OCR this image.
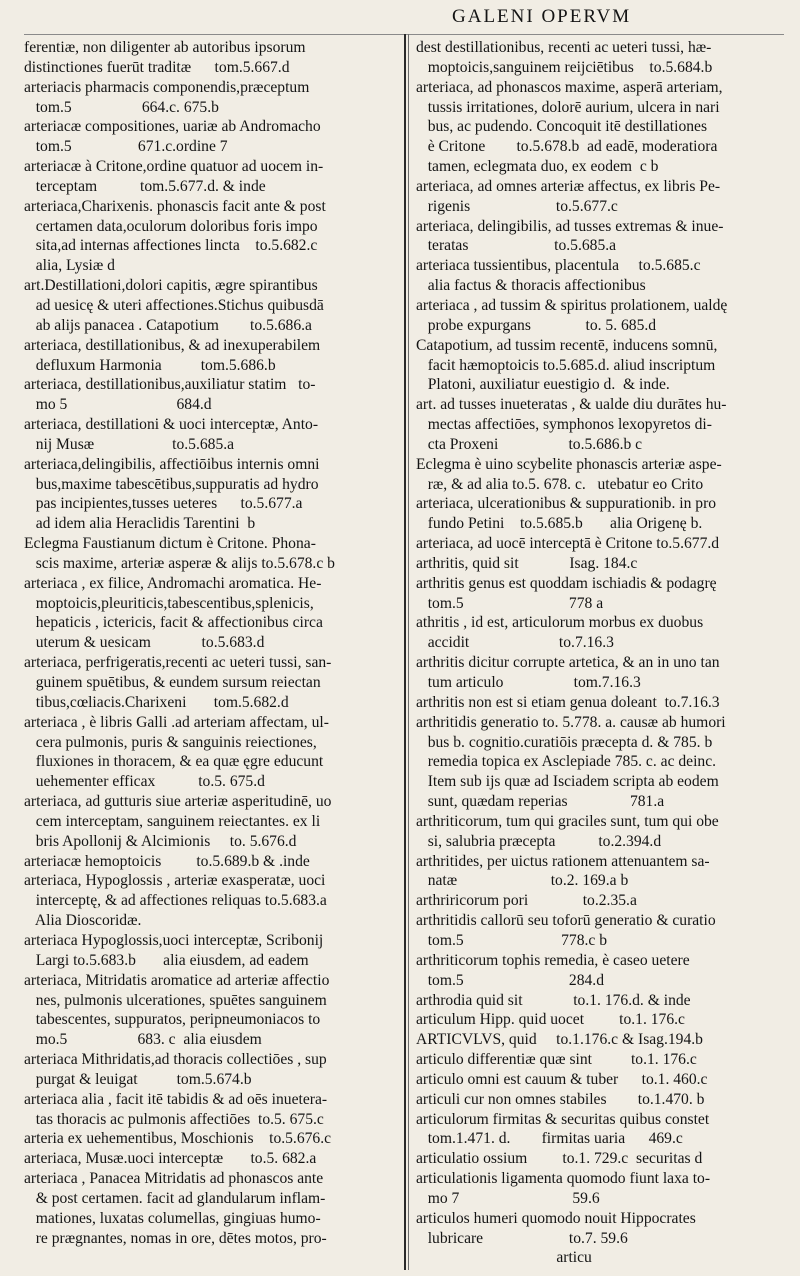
GALENI OPERVM
ferentiæ, non diligenter ab autoribus ipsorum
distinctiones fuerūt traditæ      tom.5.667.d
arteriacis pharmacis componendis,præceptum
tom.5                  664.c. 675.b
arteriacæ compositiones, uariæ ab Andromacho
tom.5                 671.c.ordine 7
arteriacæ à Critone,ordine quatuor ad uocem in-
terceptam           tom.5.677.d. & inde
arteriaca,Charixenis. phonascis facit ante & post
certamen data,oculorum doloribus foris impo
sita,ad internas affectiones lincta    to.5.682.c
alia, Lysiæ d
art.Destillationi,dolori capitis, ægre spirantibus
ad uesicę & uteri affectiones.Stichus quibusdā
ab alijs panacea . Catapotium        to.5.686.a
arteriaca, destillationibus, & ad inexuperabilem
defluxum Harmonia          tom.5.686.b
arteriaca, destillationibus,auxiliatur statim   to-
mo 5                            684.d
arteriaca, destillationi & uoci interceptæ, Anto-
nij Musæ                    to.5.685.a
arteriaca,delingibilis, affectiōibus internis omni
bus,maxime tabescētibus,suppuratis ad hydro
pas incipientes,tusses ueteres      to.5.677.a
ad idem alia Heraclidis Tarentini  b
Eclegma Faustianum dictum è Critone. Phona-
scis maxime, arteriæ asperæ & alijs to.5.678.c b
arteriaca , ex filice, Andromachi aromatica. He-
moptoicis,pleuriticis,tabescentibus,splenicis,
hepaticis , ictericis, facit & affectionibus circa
uterum & uesicam             to.5.683.d
arteriaca, perfrigeratis,recenti ac ueteri tussi, san-
guinem spuētibus, & eundem sursum reiectan
tibus,cœliacis.Charixeni       tom.5.682.d
arteriaca , è libris Galli .ad arteriam affectam, ul-
cera pulmonis, puris & sanguinis reiectiones,
fluxiones in thoracem, & ea quæ ęgre educunt
uehementer efficax           to.5. 675.d
arteriaca, ad gutturis siue arteriæ asperitudinē, uo
cem interceptam, sanguinem reiectantes. ex li
bris Apollonij & Alcimionis     to. 5.676.d
arteriacæ hemoptoicis         to.5.689.b & .inde
arteriaca, Hypoglossis , arteriæ exasperatæ, uoci
interceptę, & ad affectiones reliquas to.5.683.a
Alia Dioscoridæ.
arteriaca Hypoglossis,uoci interceptæ, Scribonij
Largi to.5.683.b       alia eiusdem, ad eadem
arteriaca, Mitridatis aromatice ad arteriæ affectio
nes, pulmonis ulcerationes, spuētes sanguinem
tabescentes, suppuratos, peripneumoniacos to
mo.5                  683. c  alia eiusdem
arteriaca Mithridatis,ad thoracis collectiōes , sup
purgat & leuigat          tom.5.674.b
arteriaca alia , facit itē tabidis & ad oēs inuetera-
tas thoracis ac pulmonis affectiōes  to.5. 675.c
arteria ex uehementibus, Moschionis    to.5.676.c
arteriaca, Musæ.uoci interceptæ       to.5. 682.a
arteriaca , Panacea Mitridatis ad phonascos ante
& post certamen. facit ad glandularum inflam-
mationes, luxatas columellas, gingiuas humo-
re prægnantes, nomas in ore, dētes motos, pro-
dest destillationibus, recenti ac ueteri tussi, hæ-
moptoicis,sanguinem reijciētibus    to.5.684.b
arteriaca, ad phonascos maxime, asperā arteriam,
tussis irritationes, dolorē aurium, ulcera in nari
bus, ac pudendo. Concoquit itē destillationes
è Critone        to.5.678.b  ad eadē, moderatiora
tamen, eclegmata duo, ex eodem  c b
arteriaca, ad omnes arteriæ affectus, ex libris Pe-
rigenis                      to.5.677.c
arteriaca, delingibilis, ad tusses extremas & inue-
teratas                      to.5.685.a
arteriaca tussientibus, placentula     to.5.685.c
alia factus & thoracis affectionibus
arteriaca , ad tussim & spiritus prolationem, ualdę
probe expurgans              to. 5. 685.d
Catapotium, ad tussim recentē, inducens somnū,
facit hæmoptoicis to.5.685.d. aliud inscriptum
Platoni, auxiliatur euestigio d.  & inde.
art. ad tusses inueteratas , & ualde diu durātes hu-
mectas affectiōes, symphonos lexopyretos di-
cta Proxeni                  to.5.686.b c
Eclegma è uino scybelite phonascis arteriæ aspe-
ræ, & ad alia to.5. 678. c.   utebatur eo Crito
arteriaca, ulcerationibus & suppurationib. in pro
fundo Petini    to.5.685.b       alia Origenę b.
arteriaca, ad uocē interceptā è Critone to.5.677.d
arthritis, quid sit             Isag. 184.c
arthritis genus est quoddam ischiadis & podagrę
tom.5                           778 a
athritis , id est, articulorum morbus ex duobus
accidit                       to.7.16.3
arthritis dicitur corrupte artetica, & an in uno tan
tum articulo                  tom.7.16.3
arthritis non est si etiam genua doleant  to.7.16.3
arthritidis generatio to. 5.778. a. causæ ab humori
bus b. cognitio.curatiōis præcepta d. & 785. b
remedia topica ex Asclepiade 785. c. ac deinc.
Item sub ijs quæ ad Isciadem scripta ab eodem
sunt, quædam reperias                781.a
arthriticorum, tum qui graciles sunt, tum qui obe
si, salubria præcepta           to.2.394.d
arthritides, per uictus rationem attenuantem sa-
natæ                        to.2. 169.a b
arthriricorum pori              to.2.35.a
arthritidis callorū seu toforū generatio & curatio
tom.5                         778.c b
arthriticorum tophis remedia, è caseo uetere
tom.5                           284.d
arthrodia quid sit             to.1. 176.d. & inde
articulum Hipp. quid uocet         to.1. 176.c
ARTICVLVS, quid     to.1.176.c & Isag.194.b
articulo differentiæ quæ sint          to.1. 176.c
articulo omni est cauum & tuber      to.1. 460.c
articuli cur non omnes stabiles        to.1.470. b
articulorum firmitas & securitas quibus constet
tom.1.471. d.        firmitas uaria      469.c
articulatio ossium         to.1. 729.c  securitas d
articulationis ligamenta quomodo fiunt laxa to-
mo 7                             59.6
articulos humeri quomodo nouit Hippocrates
lubricare                      to.7. 59.6
articu
